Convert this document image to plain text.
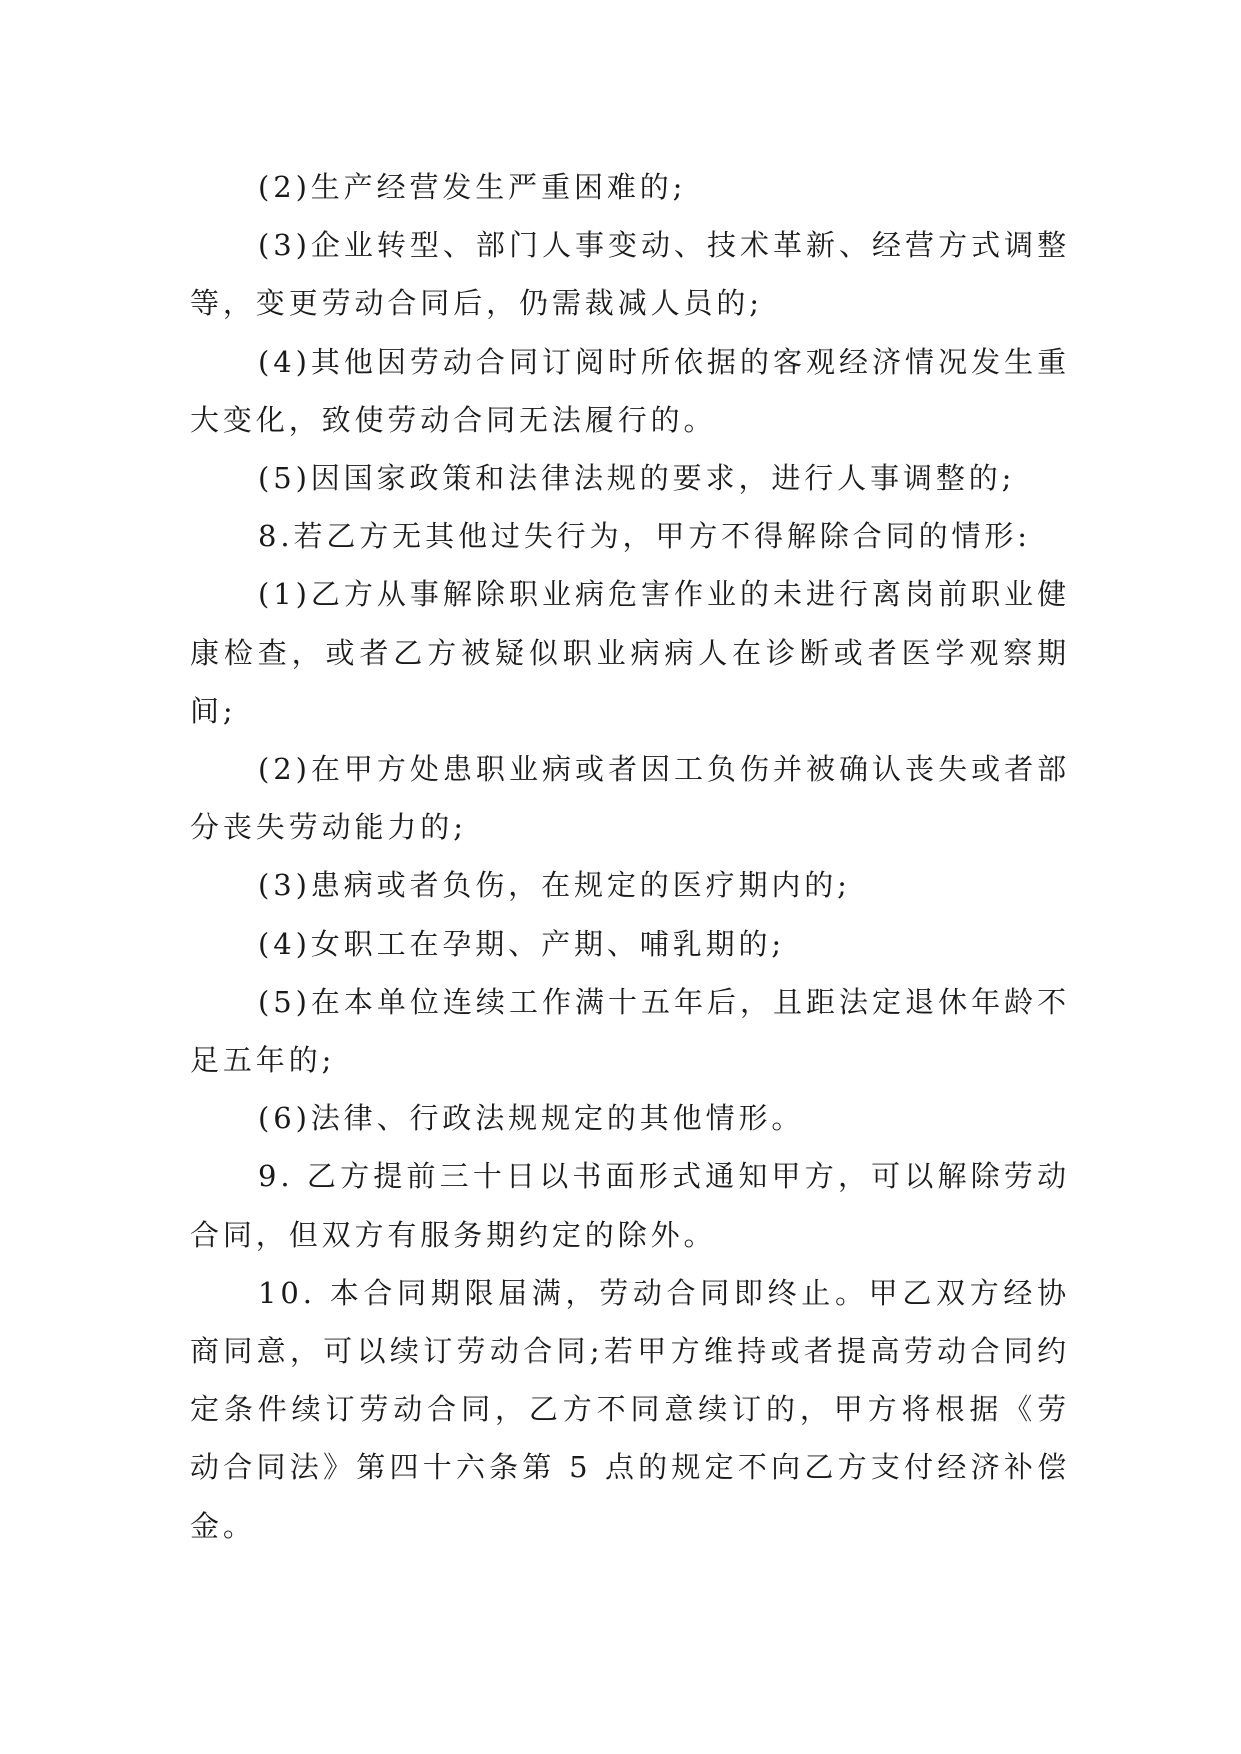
(2)生产经营发生严重困难的;

(3)企业转型、部门人事变动、技术革新、经营方式调整等，变更劳动合同后，仍需裁减人员的;

(4)其他因劳动合同订阅时所依据的客观经济情况发生重大变化，致使劳动合同无法履行的。

(5)因国家政策和法律法规的要求，进行人事调整的;

8.若乙方无其他过失行为，甲方不得解除合同的情形:

(1)乙方从事解除职业病危害作业的未进行离岗前职业健康检查，或者乙方被疑似职业病病人在诊断或者医学观察期间;

(2)在甲方处患职业病或者因工负伤并被确认丧失或者部分丧失劳动能力的;

(3)患病或者负伤，在规定的医疗期内的;

(4)女职工在孕期、产期、哺乳期的;

(5)在本单位连续工作满十五年后，且距法定退休年龄不足五年的;

(6)法律、行政法规规定的其他情形。

9. 乙方提前三十日以书面形式通知甲方，可以解除劳动合同，但双方有服务期约定的除外。

10. 本合同期限届满，劳动合同即终止。甲乙双方经协商同意，可以续订劳动合同;若甲方维持或者提高劳动合同约定条件续订劳动合同，乙方不同意续订的，甲方将根据《劳动合同法》第四十六条第 5 点的规定不向乙方支付经济补偿金。
